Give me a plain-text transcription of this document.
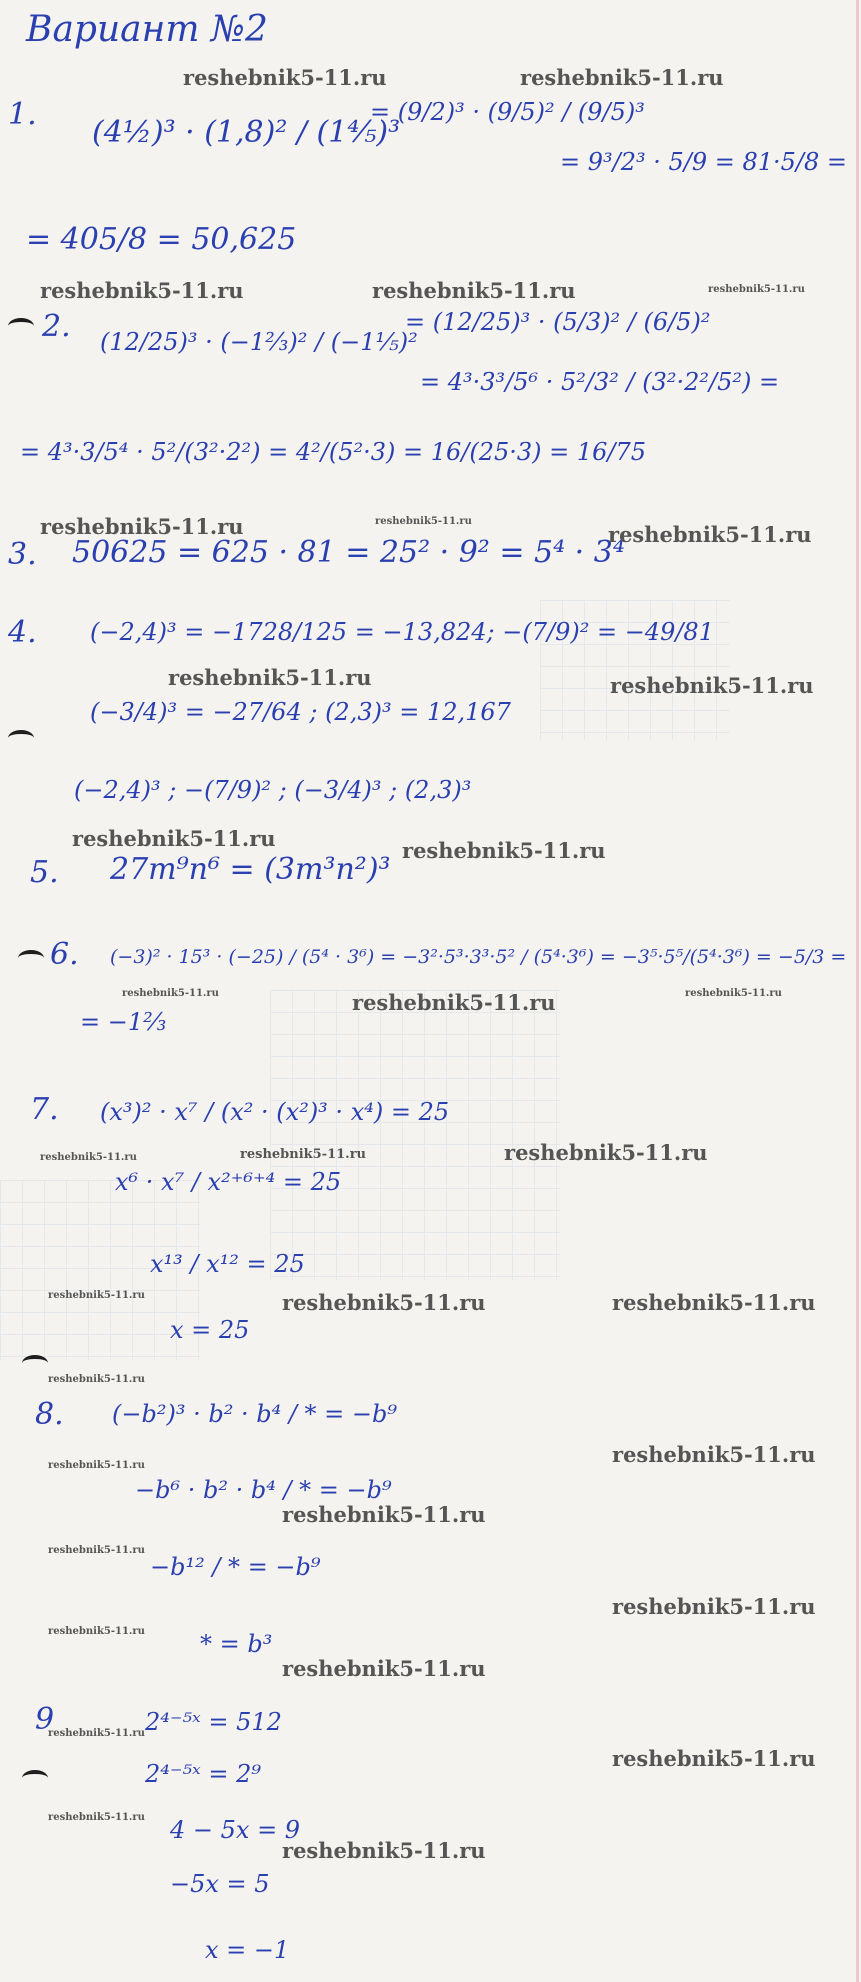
Вариант №2
1.
(4½)³ · (1,8)² / (1⅘)³
= (9/2)³ · (9/5)² / (9/5)³
= 9³/2³ · 5/9 = 81·5/8 =
= 405/8 = 50,625
2. (12/25)³ · (−1⅔)² / (−1⅕)²
= (12/25)³ · (5/3)² / (6/5)²
= 4³·3³/5⁶ · 5²/3² / (3²·2²/5²) =
= 4³·3/5⁴ · 5²/(3²·2²) = 4²/(5²·3) = 16/(25·3) = 16/75
3. 50625 = 625 · 81 = 25² · 9² = 5⁴ · 3⁴
4. (−2,4)³ = −1728/125 = −13,824; −(7/9)² = −49/81
(−3/4)³ = −27/64 ; (2,3)³ = 12,167
(−2,4)³ ; −(7/9)² ; (−3/4)³ ; (2,3)³
5. 27m⁹n⁶ = (3m³n²)³
6. (−3)² · 15³ · (−25) / (5⁴ · 3⁶) = −3²·5³·3³·5² / (5⁴·3⁶) = −3⁵·5⁵/(5⁴·3⁶) = −5/3 =
= −1⅔
7. (x³)² · x⁷ / (x² · (x²)³ · x⁴) = 25
x⁶ · x⁷ / x²⁺⁶⁺⁴ = 25
x¹³ / x¹² = 25
x = 25
8. (−b²)³ · b² · b⁴ / * = −b⁹
−b⁶ · b² · b⁴ / * = −b⁹
−b¹² / * = −b⁹
* = b³
9	2⁴⁻⁵ˣ = 512
2⁴⁻⁵ˣ = 2⁹
4 − 5x = 9
−5x = 5
x = −1
reshebnik5-11.ru	reshebnik5-11.ru
reshebnik5-11.ru	reshebnik5-11.ru	reshebnik5-11.ru
reshebnik5-11.ru	reshebnik5-11.ru
reshebnik5-11.ru
reshebnik5-11.ru	reshebnik5-11.ru
reshebnik5-11.ru	reshebnik5-11.ru
reshebnik5-11.ru	reshebnik5-11.ru	reshebnik5-11.ru
reshebnik5-11.ru	reshebnik5-11.ru	reshebnik5-11.ru
reshebnik5-11.ru	reshebnik5-11.ru	reshebnik5-11.ru
reshebnik5-11.ru
reshebnik5-11.ru
reshebnik5-11.ru
reshebnik5-11.ru
reshebnik5-11.ru
reshebnik5-11.ru
reshebnik5-11.ru
reshebnik5-11.ru
reshebnik5-11.ru
reshebnik5-11.ru
reshebnik5-11.ru
reshebnik5-11.ru
